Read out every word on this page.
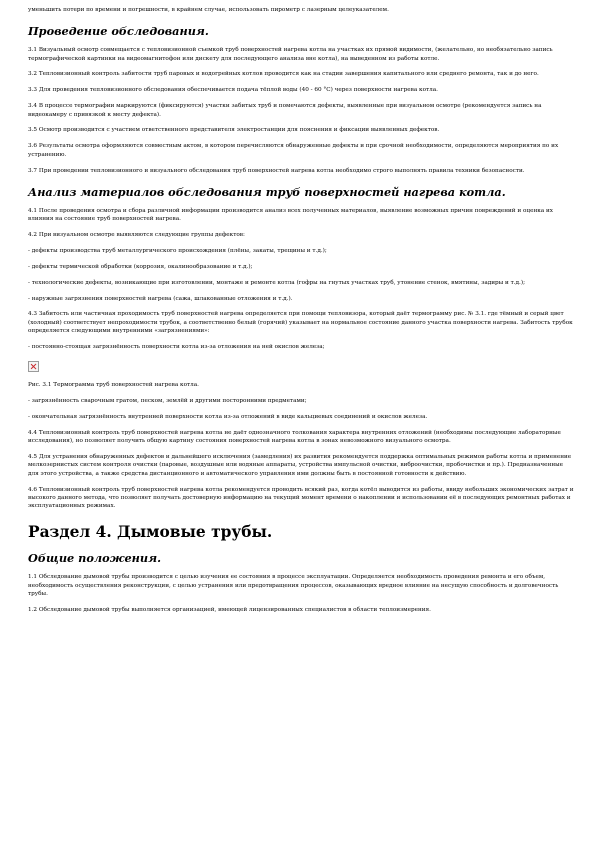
уменьшить потери по времени и погрешности, в крайнем случае, использовать пирометр с лазерным целеуказателем.

Проведение обследования.

3.1 Визуальный осмотр совмещается с тепловизионной съемкой труб поверхностей нагрева котла на участках их прямой видимости, (желательно, но необязательно запись термографической картинки на видеомагнитофон или дискету для последующего анализа вне котла), на выведенном из работы котле.

3.2 Тепловизионный контроль забитости труб паровых и водогрейных котлов проводится как на стадии завершения капитального или среднего ремонта, так и до него.

3.3 Для проведения тепловизионного обследования обеспечивается подача тёплой воды (40 - 60 °С) через поверхности нагрева котла.

3.4 В процессе термографии маркируются (фиксируются) участки забитых труб и помечаются дефекты, выявленные при визуальном осмотре (рекомендуется запись на видеокамеру с привязкой к месту дефекта).

3.5 Осмотр производится с участием ответственного представителя электростанции для пояснения и фиксации выявленных дефектов.

3.6 Результаты осмотра оформляются совместным актом, в котором перечисляются обнаруженные дефекты и при срочной необходимости, определяются мероприятия по их устранению.

3.7 При проведении тепловизионного и визуального обследования труб поверхностей нагрева котла необходимо строго выполнять правила техники безопасности.

Анализ материалов обследования труб поверхностей нагрева котла.

4.1 После проведения осмотра и сбора различной информации производится анализ всех полученных материалов, выявление возможных причин повреждений и оценка их влияния на состояние труб поверхностей нагрева.

4.2 При визуальном осмотре выявляются следующие группы дефектов:

- дефекты производства труб металлургического происхождения (плёны, закаты, трещины и т.д.);

- дефекты термической обработки (коррозия, окалинообразование и т.д.);

- технологические дефекты, возникающие при изготовлении, монтаже и ремонте котла (гофры на гнутых участках труб, утонение стенок, вмятины, задиры и т.д.);

- наружные загрязнения поверхностей нагрева (сажа, шлакованные отложения и т.д.).

4.3 Забитость или частичная проходимость труб поверхностей нагрева определяется при помощи тепловизора, который даёт термограмму рис. № 3.1. где тёмный и серый цвет (холодный) соответствует непроходимости трубок, а соответственно белый (горячий) указывает на нормальное состояние данного участка поверхности нагрева. Забитость трубок определяется следующими внутренними «загрязнениями»:

- постоянно-стоящая загрязнённость поверхности котла из-за отложения на ней окислов железа;

Рис. 3.1 Термограмма труб поверхностей нагрева котла.

- загрязнённость сварочным гратом, песком, землёй и другими посторонними предметами;

- окончательная загрязнённость внутренней поверхности котла из-за отложений в виде кальциевых соединений и окислов железа.

4.4 Тепловизионный контроль труб поверхностей нагрева котла не даёт однозначного толкования характера внутренних отложений (необходимы последующие лабораторные исследования), но позволяет получить общую картину состояния поверхностей нагрева котла в зонах невозможного визуального осмотра.

4.5 Для устранения обнаруженных дефектов и дальнейшего исключения (замедления) их развития рекомендуется поддержка оптимальных режимов работы котла и применение мелкозернистых систем контроля очистки (паровые, воздушные или водяные аппараты, устройства импульсной очистки, виброочистки, пробочистки и пр.). Предназначенные для этого устройства, а также средства дистанционного и автоматического управления ими должны быть в постоянной готовности к действию.

4.6 Тепловизионный контроль труб поверхностей нагрева котла рекомендуется проводить всякий раз, когда котёл выводится из работы, ввиду небольших экономических затрат и высокого данного метода, что позволяет получать достоверную информацию на текущий момент времени о накоплении и использовании её в последующих ремонтных работах и эксплуатационных режимах.

Раздел 4. Дымовые трубы.
Общие положения.

1.1 Обследование дымовой трубы производится с целью изучения ее состояния в процессе эксплуатации. Определяется необходимость проведения ремонта и его объем, необходимость осуществления реконструкции, с целью устранения или предотвращения процессов, оказывающих вредное влияние на несущую способность и долговечность трубы.

1.2 Обследование дымовой трубы выполняется организацией, имеющей лицензированных специалистов в области теплоизмерения.
